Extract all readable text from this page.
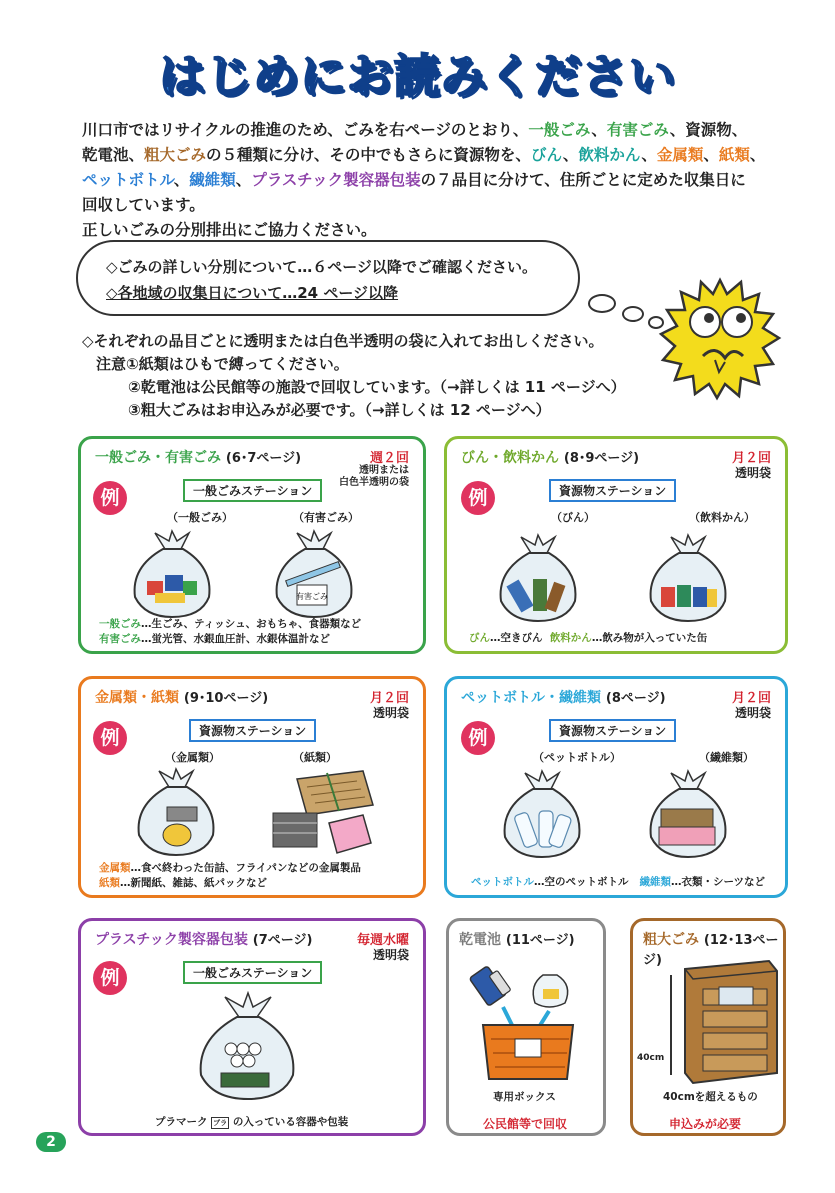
はじめにお読みください
川口市ではリサイクルの推進のため、ごみを右ページのとおり、一般ごみ、有害ごみ、資源物、
乾電池、粗大ごみの５種類に分け、その中でもさらに資源物を、びん、飲料かん、金属類、紙類、
ペットボトル、繊維類、プラスチック製容器包装の７品目に分けて、住所ごとに定めた収集日に
回収しています。
正しいごみの分別排出にご協力ください。

◇ごみの詳しい分別について…６ページ以降でご確認ください。

◇各地域の収集日について…24 ページ以降

◇それぞれの品目ごとに透明または白色半透明の袋に入れてお出しください。
注意①紙類はひもで縛ってください。
②乾電池は公民館等の施設で回収しています。（→詳しくは 11 ページへ）
③粗大ごみはお申込みが必要です。（→詳しくは 12 ページへ）
一般ごみ・有害ごみ (6･7ページ)	週２回
透明または
白色半透明の袋
例	一般ごみステーション
（一般ごみ）	（有害ごみ）
有害ごみ
一般ごみ…生ごみ、ティッシュ、おもちゃ、食器類など
有害ごみ…蛍光管、水銀血圧計、水銀体温計など
びん・飲料かん (8･9ページ)	月２回
透明袋
例	資源物ステーション
（びん）	（飲料かん）
びん…空きびん 飲料かん…飲み物が入っていた缶
金属類・紙類 (9･10ページ)	月２回
透明袋
例	資源物ステーション
（金属類）	（紙類）
金属類…食べ終わった缶詰、フライパンなどの金属製品
紙類…新聞紙、雑誌、紙パックなど
ペットボトル・繊維類 (8ページ)	月２回
透明袋
例	資源物ステーション
（ペットボトル）	（繊維類）
ペットボトル…空のペットボトル 繊維類…衣類・シーツなど
プラスチック製容器包装 (7ページ)	毎週水曜
透明袋
例	一般ごみステーション
プラマーク プラ の入っている容器や包装
乾電池 (11ページ)
専用ボックス
公民館等で回収
粗大ごみ (12･13ページ)
40cm
40cmを超えるもの
申込みが必要
2
